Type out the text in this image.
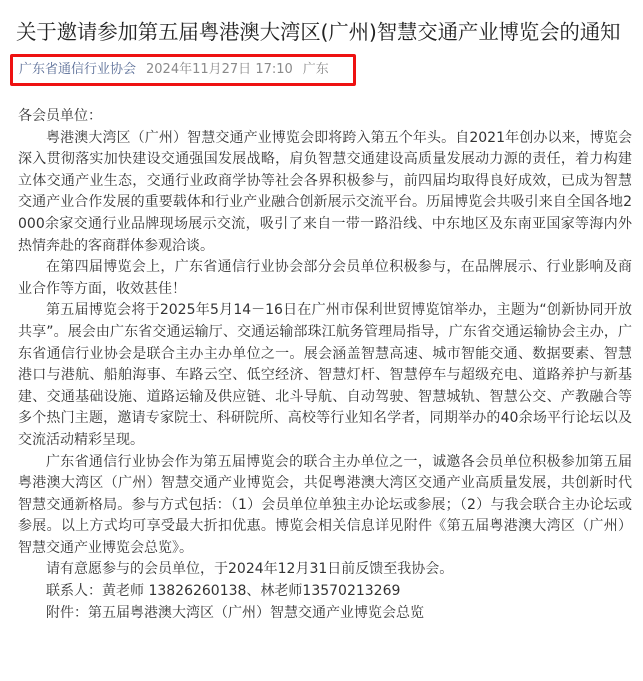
关于邀请参加第五届粤港澳大湾区(广州)智慧交通产业博览会的通知
广东省通信行业协会 2024年11月27日 17:10 广东

各会员单位：

粤港澳大湾区（广州）智慧交通产业博览会即将跨入第五个年头。自2021年创办以来，博览会深入贯彻落实加快建设交通强国发展战略，肩负智慧交通建设高质量发展动力源的责任，着力构建立体交通产业生态，交通行业政商学协等社会各界积极参与，前四届均取得良好成效，已成为智慧交通产业合作发展的重要载体和行业产业融合创新展示交流平台。历届博览会共吸引来自全国各地2000余家交通行业品牌现场展示交流，吸引了来自一带一路沿线、中东地区及东南亚国家等海内外热情奔赴的客商群体参观洽谈。

在第四届博览会上，广东省通信行业协会部分会员单位积极参与，在品牌展示、行业影响及商业合作等方面，收效甚佳！

第五届博览会将于2025年5月14－16日在广州市保利世贸博览馆举办，主题为“创新协同开放共享”。展会由广东省交通运输厅、交通运输部珠江航务管理局指导，广东省交通运输协会主办，广东省通信行业协会是联合主办主办单位之一。展会涵盖智慧高速、城市智能交通、数据要素、智慧港口与港航、船舶海事、车路云空、低空经济、智慧灯杆、智慧停车与超级充电、道路养护与新基建、交通基础设施、道路运输及供应链、北斗导航、自动驾驶、智慧城轨、智慧公交、产教融合等多个热门主题，邀请专家院士、科研院所、高校等行业知名学者，同期举办的40余场平行论坛以及交流活动精彩呈现。

广东省通信行业协会作为第五届博览会的联合主办单位之一，诚邀各会员单位积极参加第五届粤港澳大湾区（广州）智慧交通产业博览会，共促粤港澳大湾区交通产业高质量发展，共创新时代智慧交通新格局。参与方式包括：（1）会员单位单独主办论坛或参展；（2）与我会联合主办论坛或参展。以上方式均可享受最大折扣优惠。博览会相关信息详见附件《第五届粤港澳大湾区（广州）智慧交通产业博览会总览》。

请有意愿参与的会员单位，于2024年12月31日前反馈至我协会。

联系人：黄老师 13826260138、林老师13570213269

附件：第五届粤港澳大湾区（广州）智慧交通产业博览会总览
